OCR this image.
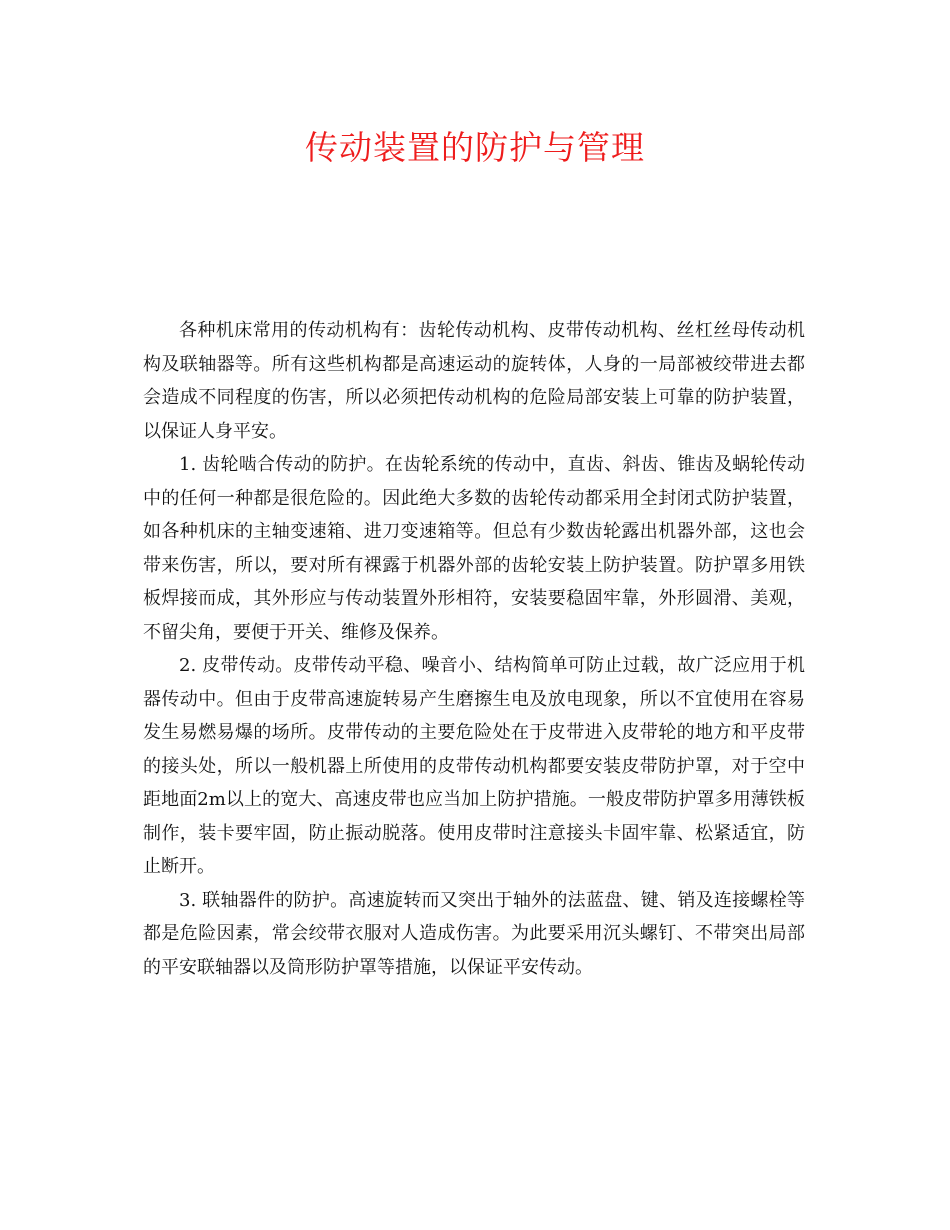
传动装置的防护与管理

各种机床常用的传动机构有：齿轮传动机构、皮带传动机构、丝杠丝母传动机构及联轴器等。所有这些机构都是高速运动的旋转体，人身的一局部被绞带进去都会造成不同程度的伤害，所以必须把传动机构的危险局部安装上可靠的防护装置，以保证人身平安。

1. 齿轮啮合传动的防护。在齿轮系统的传动中，直齿、斜齿、锥齿及蜗轮传动中的任何一种都是很危险的。因此绝大多数的齿轮传动都采用全封闭式防护装置，如各种机床的主轴变速箱、进刀变速箱等。但总有少数齿轮露出机器外部，这也会带来伤害，所以，要对所有裸露于机器外部的齿轮安装上防护装置。防护罩多用铁板焊接而成，其外形应与传动装置外形相符，安装要稳固牢靠，外形圆滑、美观，不留尖角，要便于开关、维修及保养。

2. 皮带传动。皮带传动平稳、噪音小、结构简单可防止过载，故广泛应用于机器传动中。但由于皮带高速旋转易产生磨擦生电及放电现象，所以不宜使用在容易发生易燃易爆的场所。皮带传动的主要危险处在于皮带进入皮带轮的地方和平皮带的接头处，所以一般机器上所使用的皮带传动机构都要安装皮带防护罩，对于空中距地面2m以上的宽大、高速皮带也应当加上防护措施。一般皮带防护罩多用薄铁板制作，装卡要牢固，防止振动脱落。使用皮带时注意接头卡固牢靠、松紧适宜，防止断开。

3. 联轴器件的防护。高速旋转而又突出于轴外的法蓝盘、键、销及连接螺栓等都是危险因素，常会绞带衣服对人造成伤害。为此要采用沉头螺钉、不带突出局部的平安联轴器以及筒形防护罩等措施，以保证平安传动。
